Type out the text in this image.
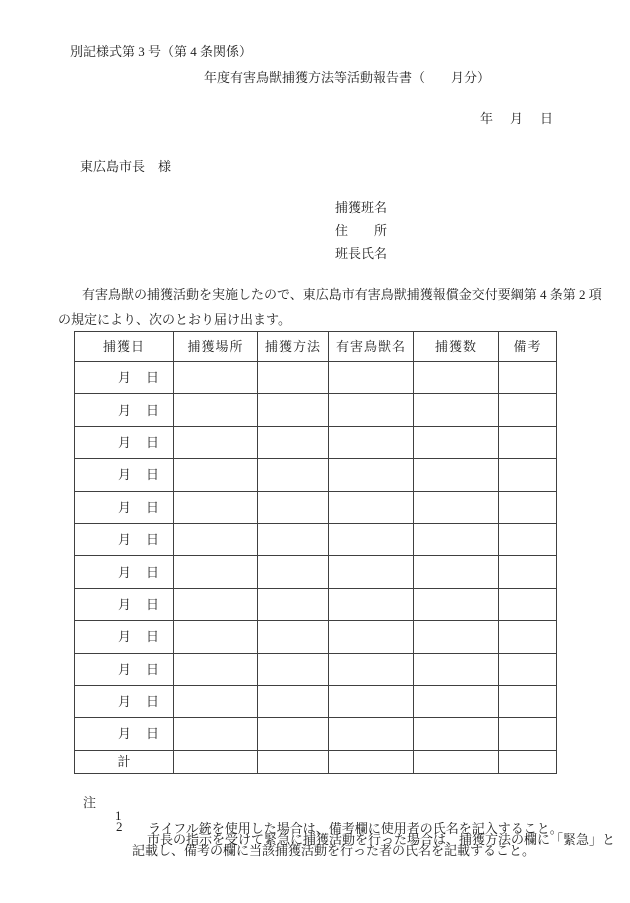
別記様式第 3 号（第 4 条関係）
年度有害鳥獣捕獲方法等活動報告書（　　月分）
年 月 日
東広島市長　様
捕獲班名
住　　所
班長氏名
有害鳥獣の捕獲活動を実施したので、東広島市有害鳥獣捕獲報償金交付要綱第 4 条第 2 項
の規定により、次のとおり届け出ます。
捕獲日	捕獲場所	捕獲方法	有害鳥獣名	捕獲数	備考

月 日					

月 日					

月 日					

月 日					

月 日					

月 日					

月 日					

月 日					

月 日					

月 日					

月 日					

月 日					

計					

注

1

ライフル銃を使用した場合は、備考欄に使用者の氏名を記入すること。

2

市長の指示を受けて緊急に捕獲活動を行った場合は、捕獲方法の欄に「緊急」と

記載し、備考の欄に当該捕獲活動を行った者の氏名を記載すること。
